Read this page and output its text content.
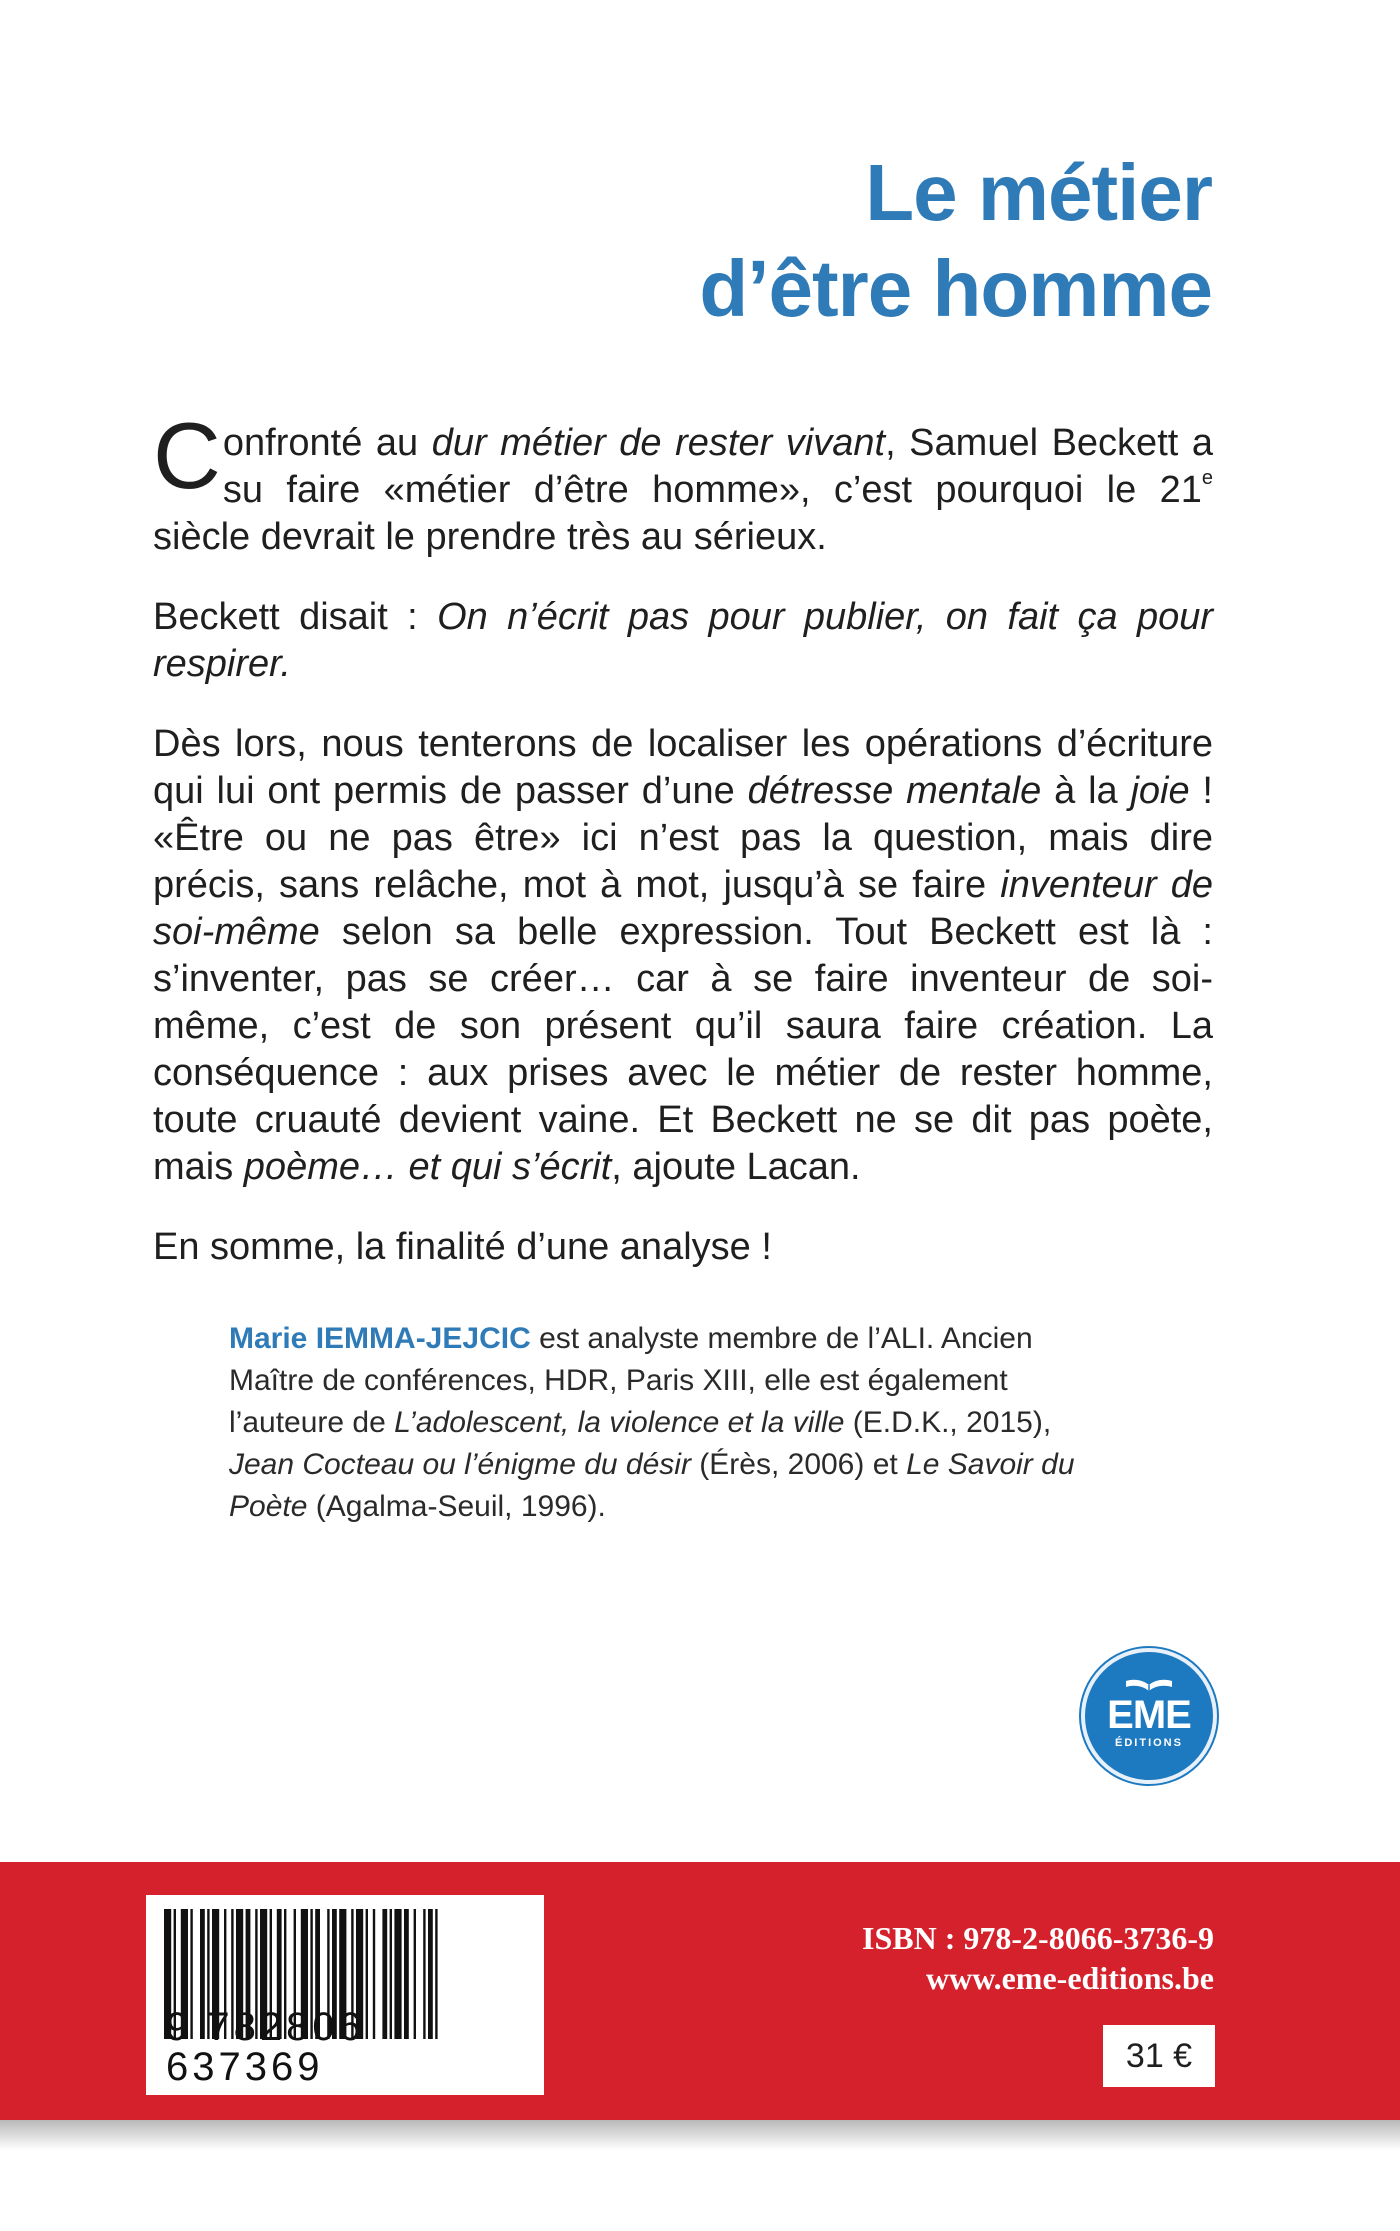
Le métier
d’être homme

Confronté au dur métier de rester vivant, Samuel Beckett a su faire «métier d’être homme», c’est pourquoi le 21e siècle devrait le prendre très au sérieux.

Beckett disait : On n’écrit pas pour publier, on fait ça pour respirer.

Dès lors, nous tenterons de localiser les opérations d’écriture qui lui ont permis de passer d’une détresse mentale à la joie ! «Être ou ne pas être» ici n’est pas la question, mais dire précis, sans relâche, mot à mot, jusqu’à se faire inventeur de soi-même selon sa belle expression. Tout Beckett est là : s’inventer, pas se créer… car à se faire inventeur de soi-même, c’est de son présent qu’il saura faire création. La conséquence : aux prises avec le métier de rester homme, toute cruauté devient vaine. Et Beckett ne se dit pas poète, mais poème… et qui s’écrit, ajoute Lacan.

En somme, la finalité d’une analyse !

Marie IEMMA-JEJCIC est analyste membre de l’ALI. Ancien Maître de conférences, HDR, Paris XIII, elle est également l’auteure de L’adolescent, la violence et la ville (E.D.K., 2015), Jean Cocteau ou l’énigme du désir (Érès, 2006) et Le Savoir du Poète (Agalma-Seuil, 1996).
EME
ÉDITIONS
9 782806 637369
ISBN : 978-2-8066-3736-9
www.eme-editions.be
31 €
